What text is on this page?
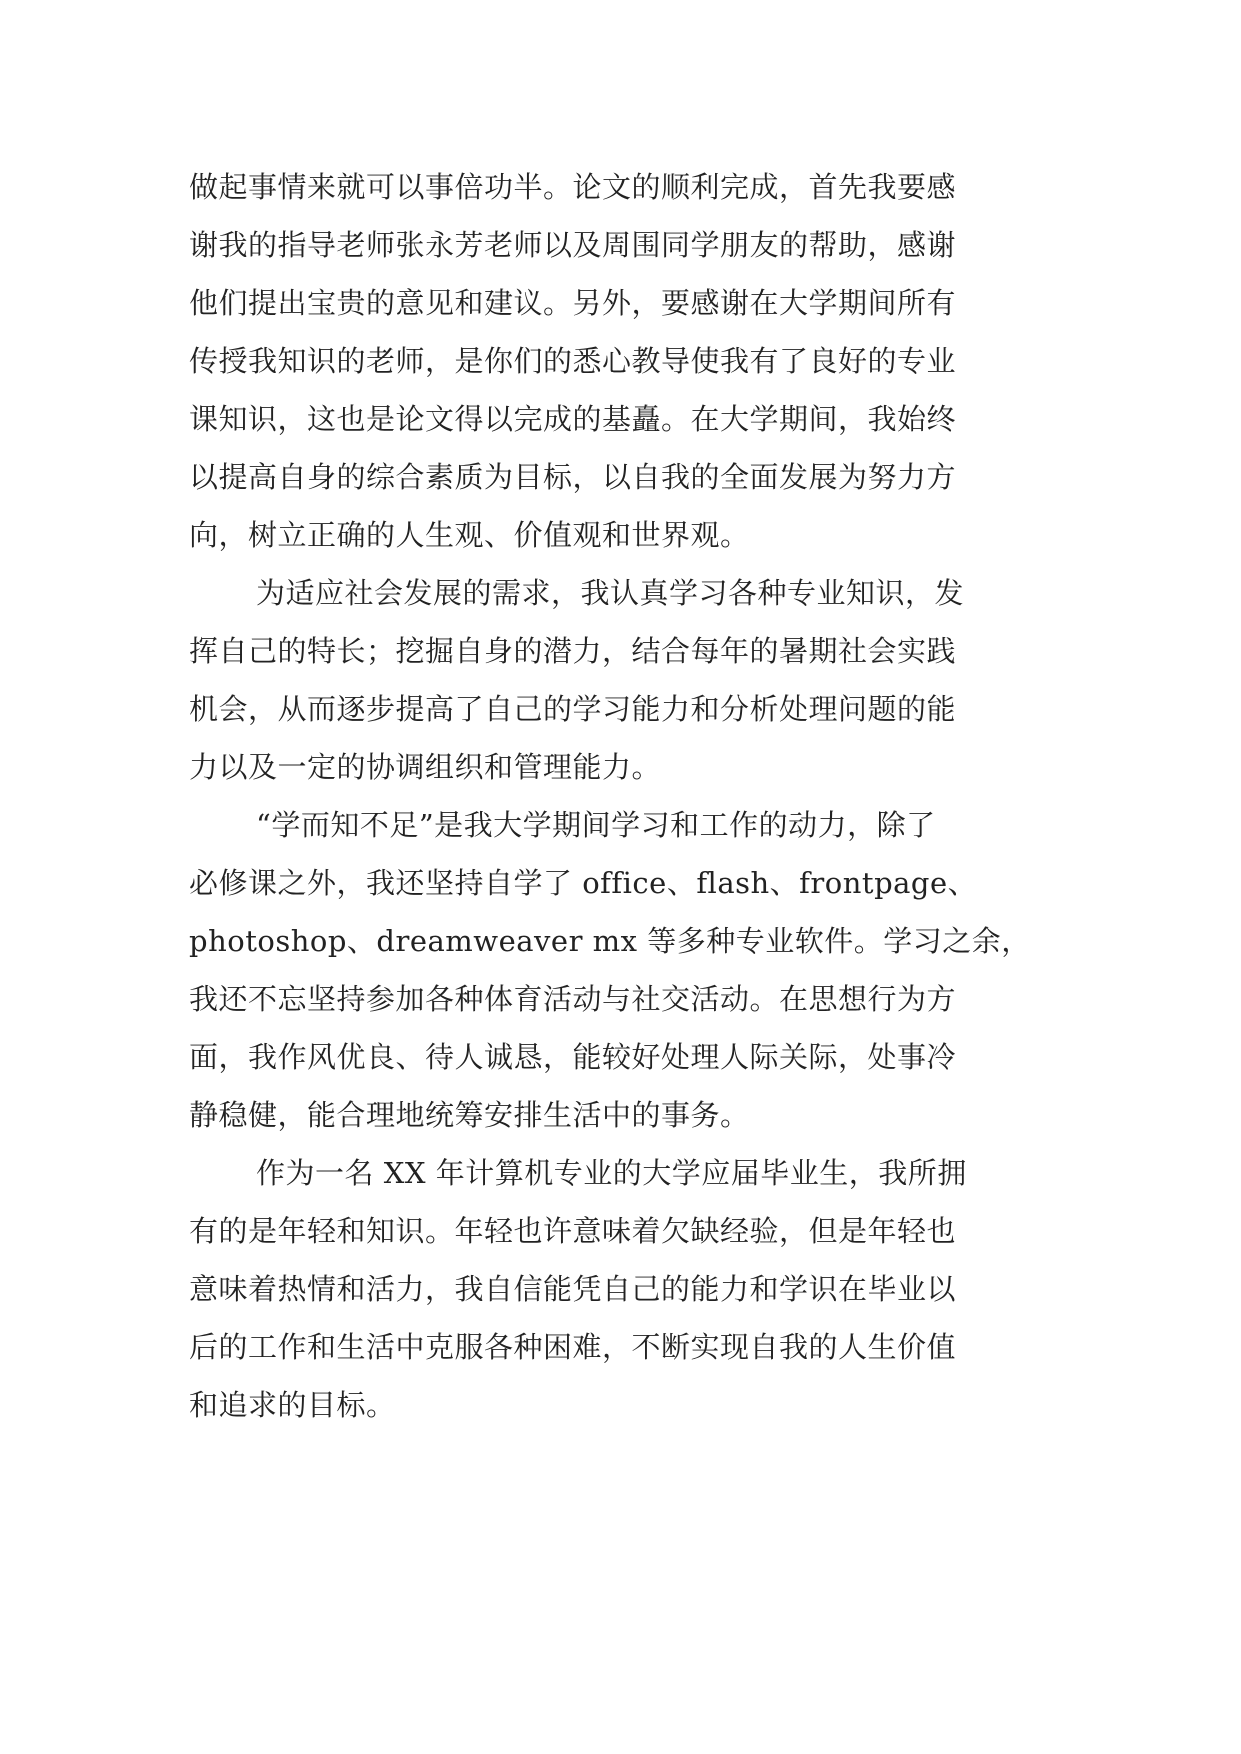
做起事情来就可以事倍功半。论文的顺利完成，首先我要感
谢我的指导老师张永芳老师以及周围同学朋友的帮助，感谢
他们提出宝贵的意见和建议。另外，要感谢在大学期间所有
传授我知识的老师，是你们的悉心教导使我有了良好的专业
课知识，这也是论文得以完成的基矗。在大学期间，我始终
以提高自身的综合素质为目标，以自我的全面发展为努力方
向，树立正确的人生观、价值观和世界观。
为适应社会发展的需求，我认真学习各种专业知识，发
挥自己的特长；挖掘自身的潜力，结合每年的暑期社会实践
机会，从而逐步提高了自己的学习能力和分析处理问题的能
力以及一定的协调组织和管理能力。
“学而知不足”是我大学期间学习和工作的动力，除了
必修课之外，我还坚持自学了 office、flash、frontpage、
photoshop、dreamweaver mx 等多种专业软件。学习之余，
我还不忘坚持参加各种体育活动与社交活动。在思想行为方
面，我作风优良、待人诚恳，能较好处理人际关际，处事冷
静稳健，能合理地统筹安排生活中的事务。
作为一名 XX 年计算机专业的大学应届毕业生，我所拥
有的是年轻和知识。年轻也许意味着欠缺经验，但是年轻也
意味着热情和活力，我自信能凭自己的能力和学识在毕业以
后的工作和生活中克服各种困难，不断实现自我的人生价值
和追求的目标。
